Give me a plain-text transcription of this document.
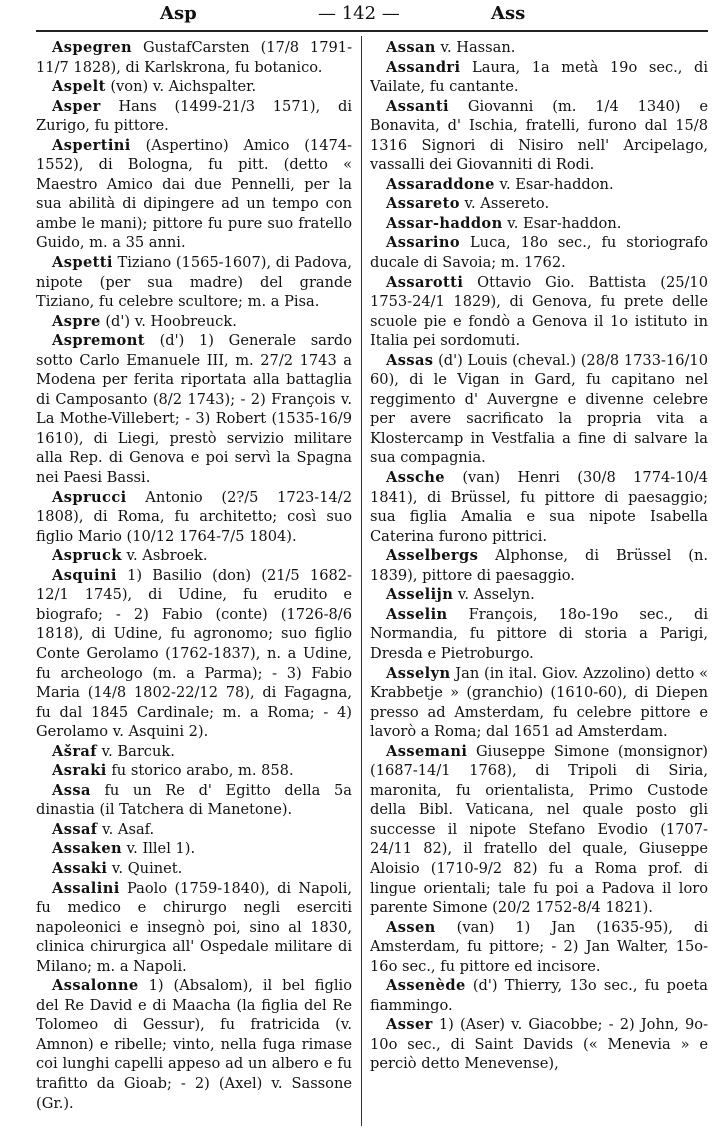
Asp	— 142 —	Ass

Aspegren GustafCarsten (17/8 1791-11/7 1828), di Karlskrona, fu botanico.

Aspelt (von) v. Aichspalter.

Asper Hans (1499-21/3 1571), di Zurigo, fu pittore.

Aspertini (Aspertino) Amico (1474-1552), di Bologna, fu pitt. (detto « Maestro Amico dai due Pennelli, per la sua abilità di dipingere ad un tempo con ambe le mani); pittore fu pure suo fratello Guido, m. a 35 anni.

Aspetti Tiziano (1565-1607), di Padova, nipote (per sua madre) del grande Tiziano, fu celebre scultore; m. a Pisa.

Aspre (d') v. Hoobreuck.

Aspremont (d') 1) Generale sardo sotto Carlo Emanuele III, m. 27/2 1743 a Modena per ferita riportata alla battaglia di Camposanto (8/2 1743); - 2) François v. La Mothe-Villebert; - 3) Robert (1535-16/9 1610), di Liegi, prestò servizio militare alla Rep. di Genova e poi servì la Spagna nei Paesi Bassi.

Asprucci Antonio (2?/5 1723-14/2 1808), di Roma, fu architetto; così suo figlio Mario (10/12 1764-7/5 1804).

Aspruck v. Asbroek.

Asquini 1) Basilio (don) (21/5 1682-12/1 1745), di Udine, fu erudito e biografo; - 2) Fabio (conte) (1726-8/6 1818), di Udine, fu agronomo; suo figlio Conte Gerolamo (1762-1837), n. a Udine, fu archeologo (m. a Parma); - 3) Fabio Maria (14/8 1802-22/12 78), di Fagagna, fu dal 1845 Cardinale; m. a Roma; - 4) Gerolamo v. Asquini 2).

Ašraf v. Barcuk.

Asraki fu storico arabo, m. 858.

Assa fu un Re d' Egitto della 5a dinastia (il Tatchera di Manetone).

Assaf v. Asaf.

Assaken v. Illel 1).

Assaki v. Quinet.

Assalini Paolo (1759-1840), di Napoli, fu medico e chirurgo negli eserciti napoleonici e insegnò poi, sino al 1830, clinica chirurgica all' Ospedale militare di Milano; m. a Napoli.

Assalonne 1) (Absalom), il bel figlio del Re David e di Maacha (la figlia del Re Tolomeo di Gessur), fu fratricida (v. Amnon) e ribelle; vinto, nella fuga rimase coi lunghi capelli appeso ad un albero e fu trafitto da Gioab; - 2) (Axel) v. Sassone (Gr.).

Assan v. Hassan.

Assandri Laura, 1a metà 19o sec., di Vailate, fu cantante.

Assanti Giovanni (m. 1/4 1340) e Bonavita, d' Ischia, fratelli, furono dal 15/8 1316 Signori di Nisiro nell' Arcipelago, vassalli dei Giovanniti di Rodi.

Assaraddone v. Esar-haddon.

Assareto v. Assereto.

Assar-haddon v. Esar-haddon.

Assarino Luca, 18o sec., fu storiografo ducale di Savoia; m. 1762.

Assarotti Ottavio Gio. Battista (25/10 1753-24/1 1829), di Genova, fu prete delle scuole pie e fondò a Genova il 1o istituto in Italia pei sordomuti.

Assas (d') Louis (cheval.) (28/8 1733-16/10 60), di le Vigan in Gard, fu capitano nel reggimento d' Auvergne e divenne celebre per avere sacrificato la propria vita a Klostercamp in Vestfalia a fine di salvare la sua compagnia.

Assche (van) Henri (30/8 1774-10/4 1841), di Brüssel, fu pittore di paesaggio; sua figlia Amalia e sua nipote Isabella Caterina furono pittrici.

Asselbergs Alphonse, di Brüssel (n. 1839), pittore di paesaggio.

Asselijn v. Asselyn.

Asselin François, 18o-19o sec., di Normandia, fu pittore di storia a Parigi, Dresda e Pietroburgo.

Asselyn Jan (in ital. Giov. Azzolino) detto « Krabbetje » (granchio) (1610-60), di Diepen presso ad Amsterdam, fu celebre pittore e lavorò a Roma; dal 1651 ad Amsterdam.

Assemani Giuseppe Simone (monsignor) (1687-14/1 1768), di Tripoli di Siria, maronita, fu orientalista, Primo Custode della Bibl. Vaticana, nel quale posto gli successe il nipote Stefano Evodio (1707-24/11 82), il fratello del quale, Giuseppe Aloisio (1710-9/2 82) fu a Roma prof. di lingue orientali; tale fu poi a Padova il loro parente Simone (20/2 1752-8/4 1821).

Assen (van) 1) Jan (1635-95), di Amsterdam, fu pittore; - 2) Jan Walter, 15o-16o sec., fu pittore ed incisore.

Assenède (d') Thierry, 13o sec., fu poeta fiammingo.

Asser 1) (Aser) v. Giacobbe; - 2) John, 9o-10o sec., di Saint Davids (« Menevia » e perciò detto Menevense),
